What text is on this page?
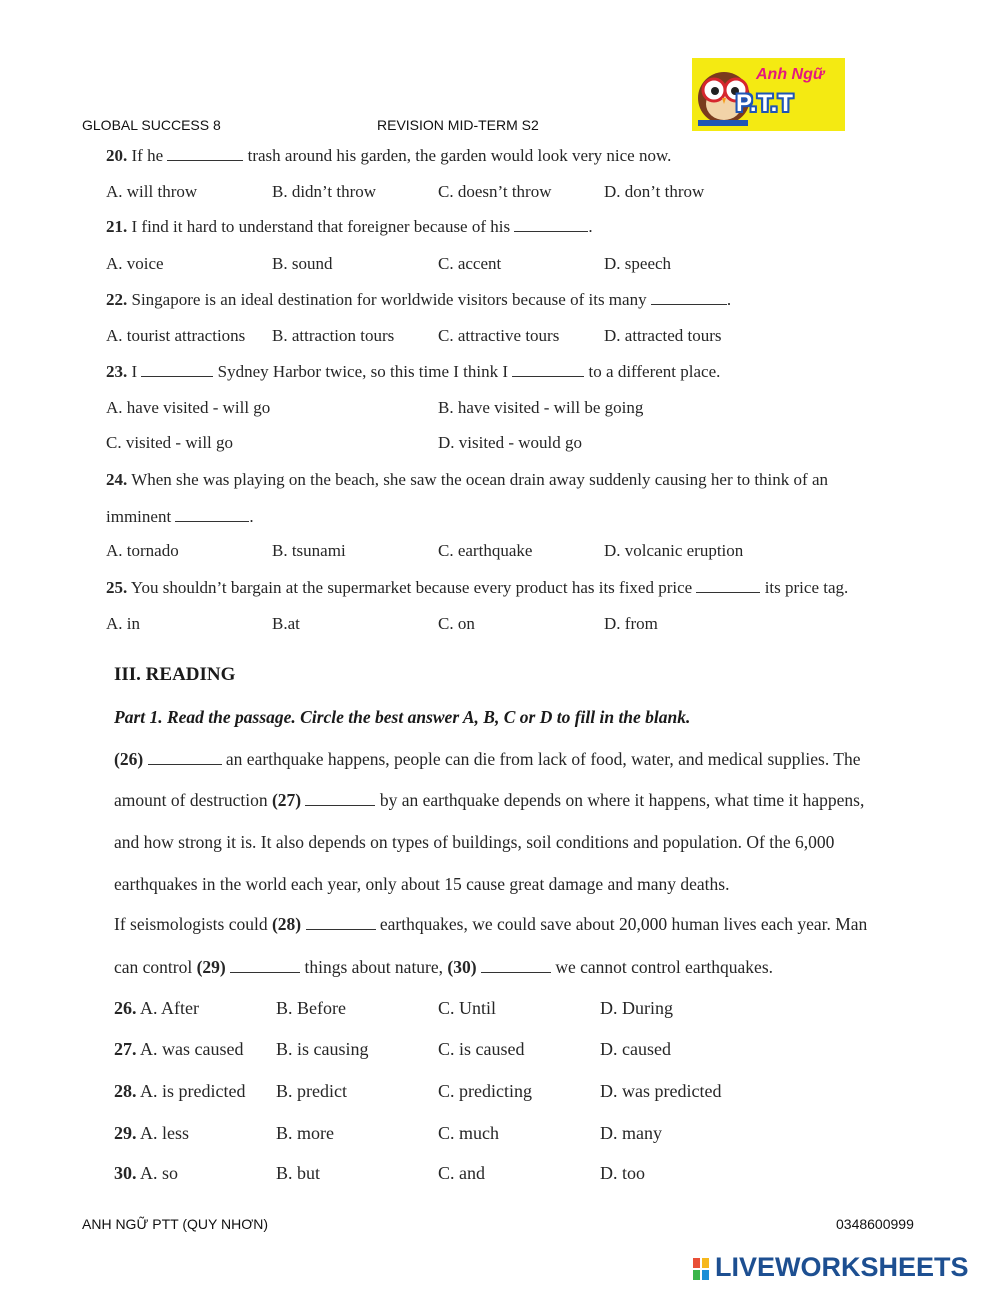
GLOBAL SUCCESS 8	REVISION MID-TERM S2
Anh Ngữ
P.T.T
20. If he	trash around his garden, the garden would look very nice now.
A. will throw	B. didn’t throw	C. doesn’t throw	D. don’t throw
21. I find it hard to understand that foreigner because of his	.
A. voice	B. sound	C. accent	D. speech
22. Singapore is an ideal destination for worldwide visitors because of its many	.
A. tourist attractions B. attraction tours	C. attractive tours	D. attracted tours
23. I	Sydney Harbor twice, so this time I think I	to a different place.
A. have visited - will go	B. have visited - will be going
C. visited - will go	D. visited - would go
24. When she was playing on the beach, she saw the ocean drain away suddenly causing her to think of an
imminent	.
A. tornado	B. tsunami	C. earthquake	D. volcanic eruption
25. You shouldn’t bargain at the supermarket because every product has its fixed price	its price tag.
A. in	B.at	C. on	D. from
III. READING
Part 1. Read the passage. Circle the best answer A, B, C or D to fill in the blank.
(26)	an earthquake happens, people can die from lack of food, water, and medical supplies. The
amount of destruction (27)	by an earthquake depends on where it happens, what time it happens,
and how strong it is. It also depends on types of buildings, soil conditions and population. Of the 6,000
earthquakes in the world each year, only about 15 cause great damage and many deaths.
If seismologists could (28)	earthquakes, we could save about 20,000 human lives each year. Man
can control (29)	things about nature, (30)	we cannot control earthquakes.
26. A. After	B. Before	C. Until	D. During
27. A. was caused B. is causing	C. is caused	D. caused
28. A. is predicted B. predict	C. predicting	D. was predicted
29. A. less	B. more	C. much	D. many
30. A. so	B. but	C. and	D. too
ANH NGỮ PTT (QUY NHƠN)	0348600999
LIVEWORKSHEETS
